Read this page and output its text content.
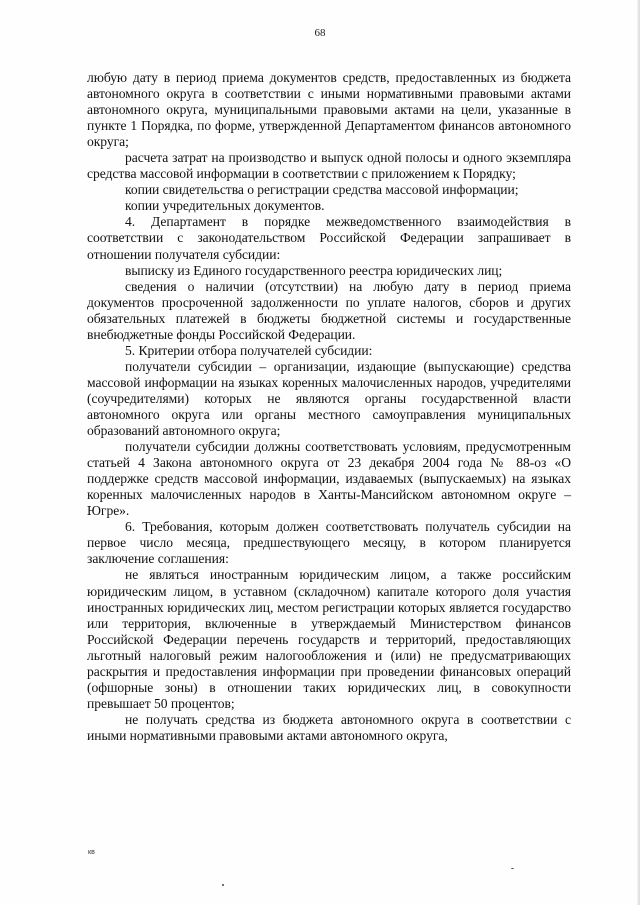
68

любую дату в период приема документов средств, предоставленных из бюджета автономного округа в соответствии с иными нормативными правовыми актами автономного округа, муниципальными правовыми актами на цели, указанные в пункте 1 Порядка, по форме, утвержденной Департаментом финансов автономного округа;

расчета затрат на производство и выпуск одной полосы и одного экземпляра средства массовой информации в соответствии с приложением к Порядку;

копии свидетельства о регистрации средства массовой информации;

копии учредительных документов.

4. Департамент в порядке межведомственного взаимодействия в соответствии с законодательством Российской Федерации запрашивает в отношении получателя субсидии:

выписку из Единого государственного реестра юридических лиц;

сведения о наличии (отсутствии) на любую дату в период приема документов просроченной задолженности по уплате налогов, сборов и других обязательных платежей в бюджеты бюджетной системы и государственные внебюджетные фонды Российской Федерации.

5. Критерии отбора получателей субсидии:

получатели субсидии – организации, издающие (выпускающие) средства массовой информации на языках коренных малочисленных народов, учредителями (соучредителями) которых не являются органы государственной власти автономного округа или органы местного самоуправления муниципальных образований автономного округа;

получатели субсидии должны соответствовать условиям, предусмотренным статьей 4 Закона автономного округа от 23 декабря 2004 года № 88-оз «О поддержке средств массовой информации, издаваемых (выпускаемых) на языках коренных малочисленных народов в Ханты-Мансийском автономном округе – Югре».

6. Требования, которым должен соответствовать получатель субсидии на первое число месяца, предшествующего месяцу, в котором планируется заключение соглашения:

не являться иностранным юридическим лицом, а также российским юридическим лицом, в уставном (складочном) капитале которого доля участия иностранных юридических лиц, местом регистрации которых является государство или территория, включенные в утверждаемый Министерством финансов Российской Федерации перечень государств и территорий, предоставляющих льготный налоговый режим налогообложения и (или) не предусматривающих раскрытия и предоставления информации при проведении финансовых операций (офшорные зоны) в отношении таких юридических лиц, в совокупности превышает 50 процентов;

не получать средства из бюджета автономного округа в соответствии с иными нормативными правовыми актами автономного округа,

кв
